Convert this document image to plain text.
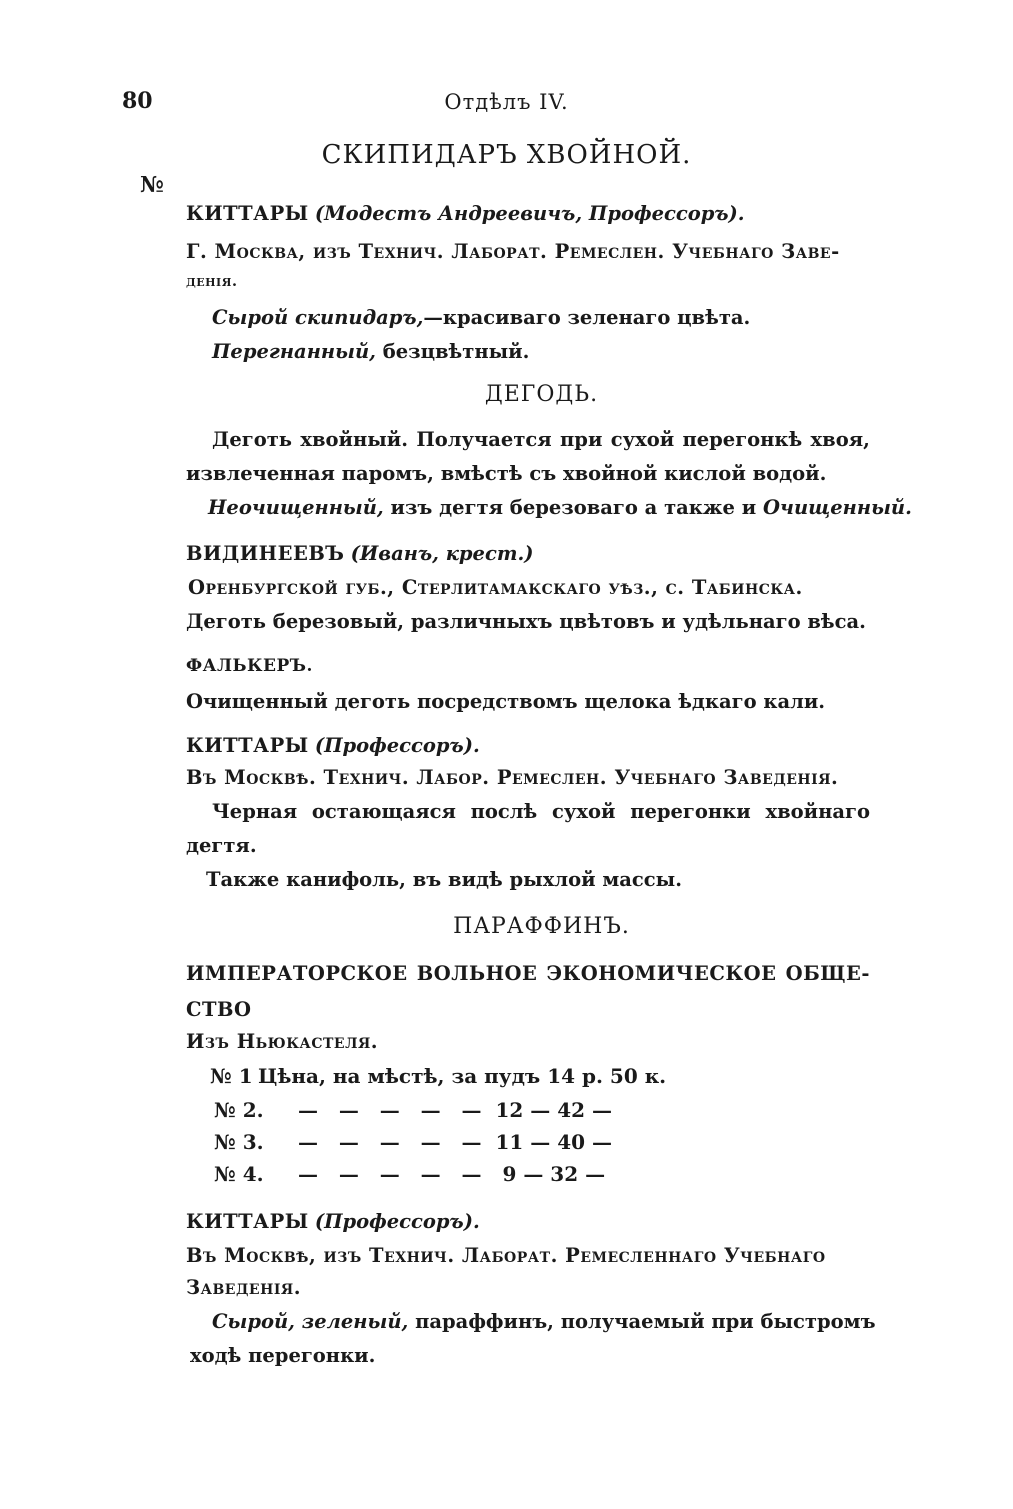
80	Отдѣлъ IV.
СКИПИДАРЪ ХВОЙНОЙ.
№
КИТТАРЫ (Модестъ Андреевичъ, Профессоръ).
Г. Москва, изъ Технич. Лаборат. Ремеслен. Учебнаго Заве-
денія.
Сырой скипидаръ,—красиваго зеленаго цвѣта.
Перегнанный, безцвѣтный.
ДЕГОДЬ.
Деготь хвойный. Получается при сухой перегонкѣ хвоя,
извлеченная паромъ, вмѣстѣ съ хвойной кислой водой.
Неочищенный, изъ дегтя березоваго а также и Очищенный.
ВИДИНЕЕВЪ (Иванъ, крест.)
Оренбургской губ., Стерлитамакскаго уѣз., с. Табинска.
Деготь березовый, различныхъ цвѣтовъ и удѣльнаго вѣса.
ФАЛЬКЕРЪ.
Очищенный деготь посредствомъ щелока ѣдкаго кали.
КИТТАРЫ (Профессоръ).
Въ Москвѣ. Технич. Лабор. Ремеслен. Учебнаго Заведенія.
Черная остающаяся послѣ сухой перегонки хвойнаго
дегтя.
Также канифоль, въ видѣ рыхлой массы.
ПАРАФФИНЪ.
ИМПЕРАТОРСКОЕ ВОЛЬНОЕ ЭКОНОМИЧЕСКОЕ ОБЩЕ-
СТВО
Изъ Ньюкастеля.
№ 1 Цѣна, на мѣстѣ, за пудъ 14 р. 50 к.
№ 2. —   —   —   —   —  12 — 42 —
№ 3. —   —   —   —   —  11 — 40 —
№ 4. —   —   —   —   —   9 — 32 —
КИТТАРЫ (Профессоръ).
Въ Москвѣ, изъ Технич. Лаборат. Ремесленнаго Учебнаго
Заведенія.
Сырой, зеленый, параффинъ, получаемый при быстромъ
ходѣ перегонки.
